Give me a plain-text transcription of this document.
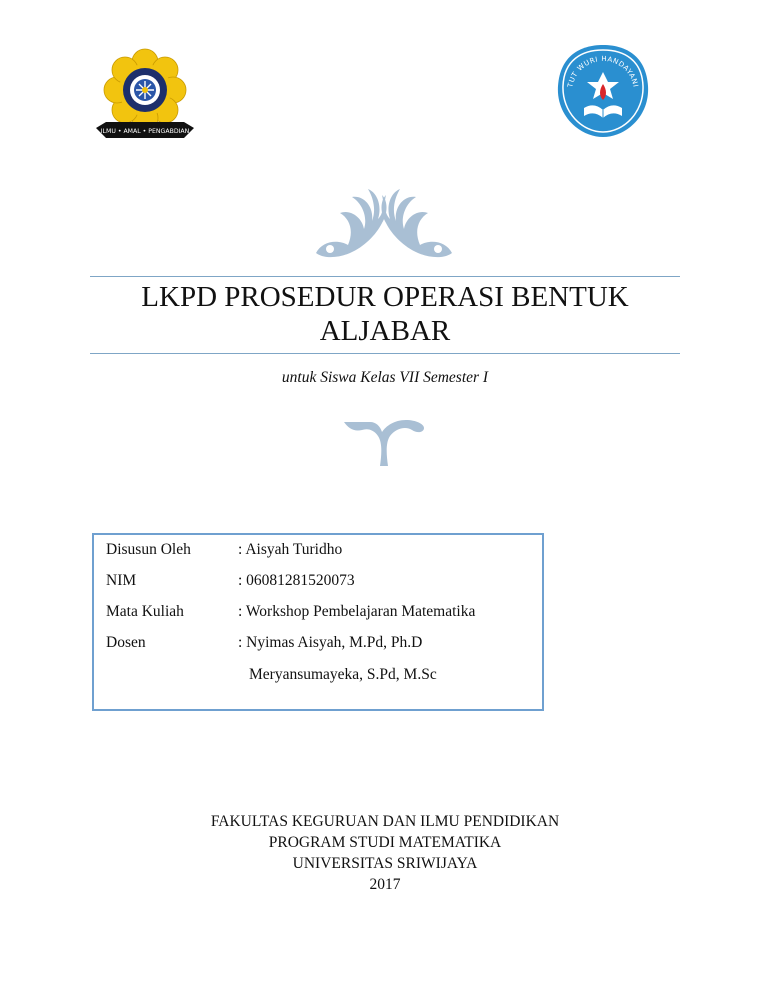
ILMU • AMAL • PENGABDIAN
TUT WURI HANDAYANI
LKPD PROSEDUR OPERASI BENTUK
ALJABAR
untuk Siswa Kelas VII Semester I
Disusun Oleh	: Aisyah Turidho
NIM	: 06081281520073
Mata Kuliah	: Workshop Pembelajaran Matematika
Dosen	: Nyimas Aisyah, M.Pd, Ph.D
Meryansumayeka, S.Pd, M.Sc
FAKULTAS KEGURUAN DAN ILMU PENDIDIKAN
PROGRAM STUDI MATEMATIKA
UNIVERSITAS SRIWIJAYA
2017
